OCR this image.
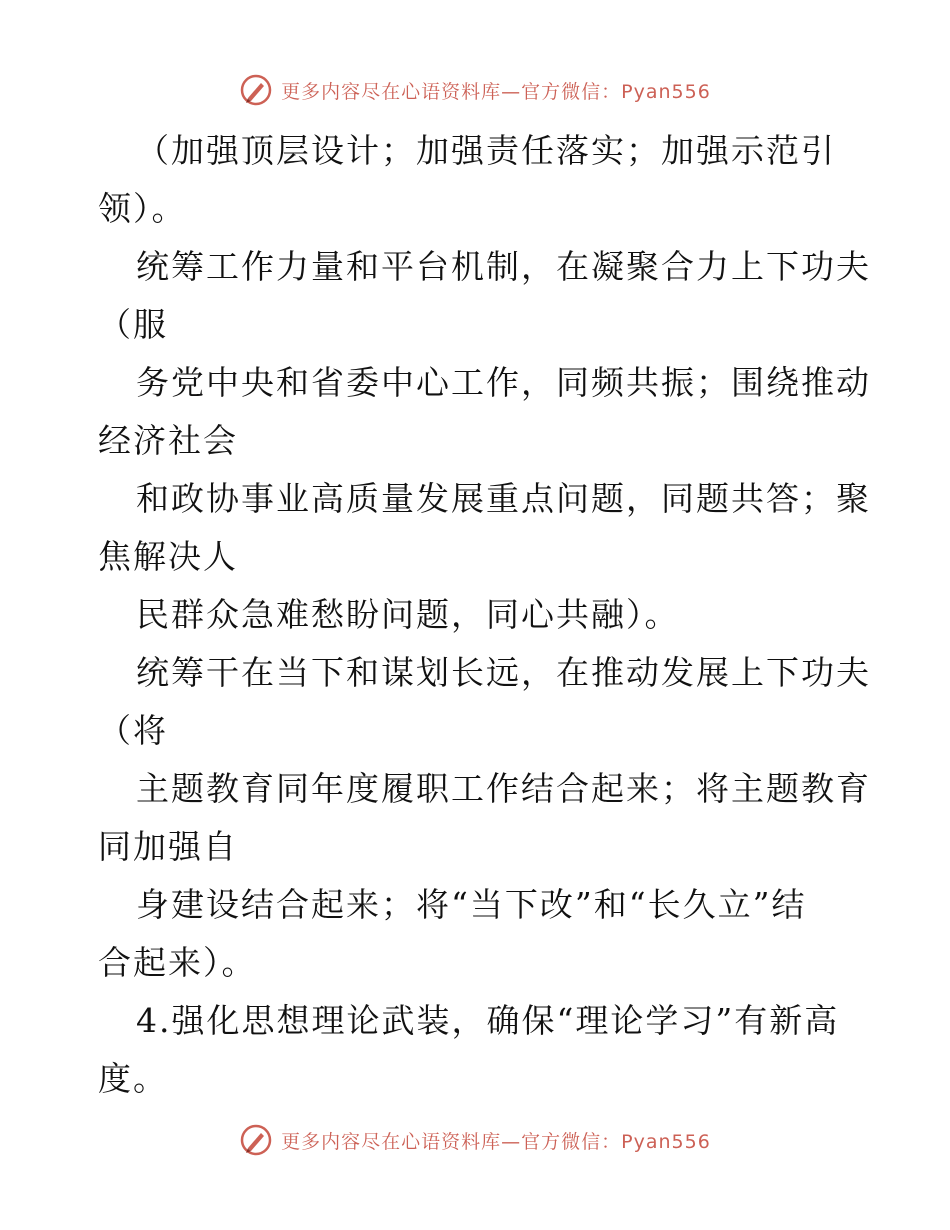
更多内容尽在心语资料库—官方微信：Pyan556

（加强顶层设计；加强责任落实；加强示范引
领）。

统筹工作力量和平台机制，在凝聚合力上下功夫
（服

务党中央和省委中心工作，同频共振；围绕推动
经济社会

和政协事业高质量发展重点问题，同题共答；聚
焦解决人

民群众急难愁盼问题，同心共融）。

统筹干在当下和谋划长远，在推动发展上下功夫
（将

主题教育同年度履职工作结合起来；将主题教育
同加强自

身建设结合起来；将“当下改”和“长久立”结
合起来）。

4.强化思想理论武装，确保“理论学习”有新高
度。

更多内容尽在心语资料库—官方微信：Pyan556
